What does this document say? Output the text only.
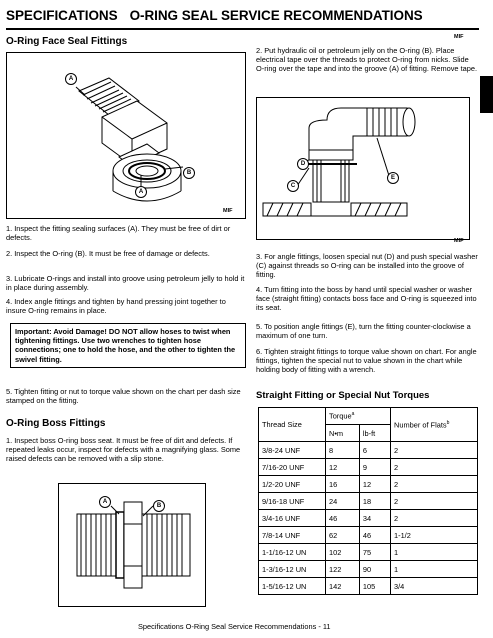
SPECIFICATIONS O-RING SEAL SERVICE RECOMMENDATIONS
O-Ring Face Seal Fittings
A
B
A
MIF
1. Inspect the fitting sealing surfaces (A). They must be free of dirt or defects.
2. Inspect the O-ring (B). It must be free of damage or defects.
3. Lubricate O-rings and install into groove using petroleum jelly to hold it in place during assembly.
4. Index angle fittings and tighten by hand pressing joint together to insure O-ring remains in place.
Important: Avoid Damage! DO NOT allow hoses to twist when tightening fittings. Use two wrenches to tighten hose connections; one to hold the hose, and the other to tighten the swivel fitting.
5. Tighten fitting or nut to torque value shown on the chart per dash size stamped on the fitting.
O-Ring Boss Fittings
1. Inspect boss O-ring boss seat. It must be free of dirt and defects. If repeated leaks occur, inspect for defects with a magnifying glass. Some raised defects can be removed with a slip stone.
A
B
MIF
2. Put hydraulic oil or petroleum jelly on the O-ring (B). Place electrical tape over the threads to protect O-ring from nicks. Slide O-ring over the tape and into the groove (A) of fitting. Remove tape.
D
C
E
MIF
3. For angle fittings, loosen special nut (D) and push special washer (C) against threads so O-ring can be installed into the groove of fitting.
4. Turn fitting into the boss by hand until special washer or washer face (straight fitting) contacts boss face and O-ring is squeezed into its seat.
5. To position angle fittings (E), turn the fitting counter-clockwise a maximum of one turn.
6. Tighten straight fittings to torque value shown on chart. For angle fittings, tighten the special nut to value shown in the chart while holding body of fitting with a wrench.
Straight Fitting or Special Nut Torques
Thread Size	Torque$^a$		Number of Flats$^b$
	N•m	lb-ft	
3/8-24 UNF	8	6	2
7/16-20 UNF	12	9	2
1/2-20 UNF	16	12	2
9/16-18 UNF	24	18	2
3/4-16 UNF	46	34	2
7/8-14 UNF	62	46	1-1/2
1-1/16-12 UN	102	75	1
1-3/16-12 UN	122	90	1
1-5/16-12 UN	142	105	3/4
Specifications O-Ring Seal Service Recommendations - 11
